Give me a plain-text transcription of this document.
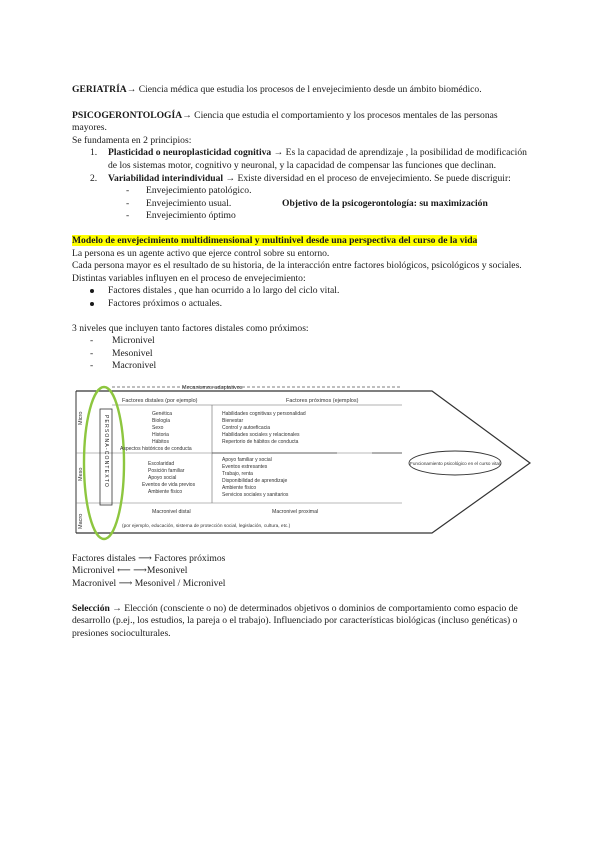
GERIATRÍA→ Ciencia médica que estudia los procesos de l envejecimiento desde un ámbito biomédico.

PSICOGERONTOLOGÍA→ Ciencia que estudia el comportamiento y los procesos mentales de las personas mayores.

Se fundamenta en 2 principios:

1. Plasticidad o neuroplasticidad cognitiva → Es la capacidad de aprendizaje , la posibilidad de modificación de los sistemas motor, cognitivo y neuronal, y la capacidad de compensar las funciones que declinan.
2. Variabilidad interindividual → Existe diversidad en el proceso de envejecimiento. Se puede discriguir:
- Envejecimiento patológico.
- Envejecimiento usual.	Objetivo de la psicogerontología: su maximización
- Envejecimiento óptimo

Modelo de envejecimiento multidimensional y multinivel desde una perspectiva del curso de la vida

La persona es un agente activo que ejerce control sobre su entorno.

Cada persona mayor es el resultado de su historia, de la interacción entre factores biológicos, psicológicos y sociales.

Distintas variables influyen en el proceso de envejecimiento:

Factores distales , que han ocurrido a lo largo del ciclo vital.
Factores próximos o actuales.

3 niveles que incluyen tanto factores distales como próximos:

- Micronivel
- Mesonivel
- Macronivel
Mecanismos adaptativos
Factores distales (por ejemplo)	Factores próximos (ejemplos)
Micro
Meso
Macro
PERSONA-CONTEXTO
Genética
Biología
Sexo
Historia
Hábitos
Aspectos históricos de conducta
Habilidades cognitivas y personalidad
Bienestar
Control y autoeficacia
Habilidades sociales y relacionales
Repertorio de hábitos de conducta
Escolaridad
Posición familiar
Apoyo social
Eventos de vida previos
Ambiente físico
Apoyo familiar y social
Eventos estresantes
Trabajo, renta
Disponibilidad de aprendizaje
Ambiente físico
Servicios sociales y sanitarios
Funcionamiento psicológico en el curso vital
Macronivel distal	Macronivel proximal
(por ejemplo, educación, sistema de protección social, legislación, cultura, etc.)

Factores distales ⟶ Factores próximos

Micronivel ⟵ ⟶Mesonivel

Macronivel ⟶ Mesonivel / Micronivel

Selección → Elección (consciente o no) de determinados objetivos o dominios de comportamiento como espacio de desarrollo (p.ej., los estudios, la pareja o el trabajo). Influenciado por características biológicas (incluso genéticas) o presiones socioculturales.
